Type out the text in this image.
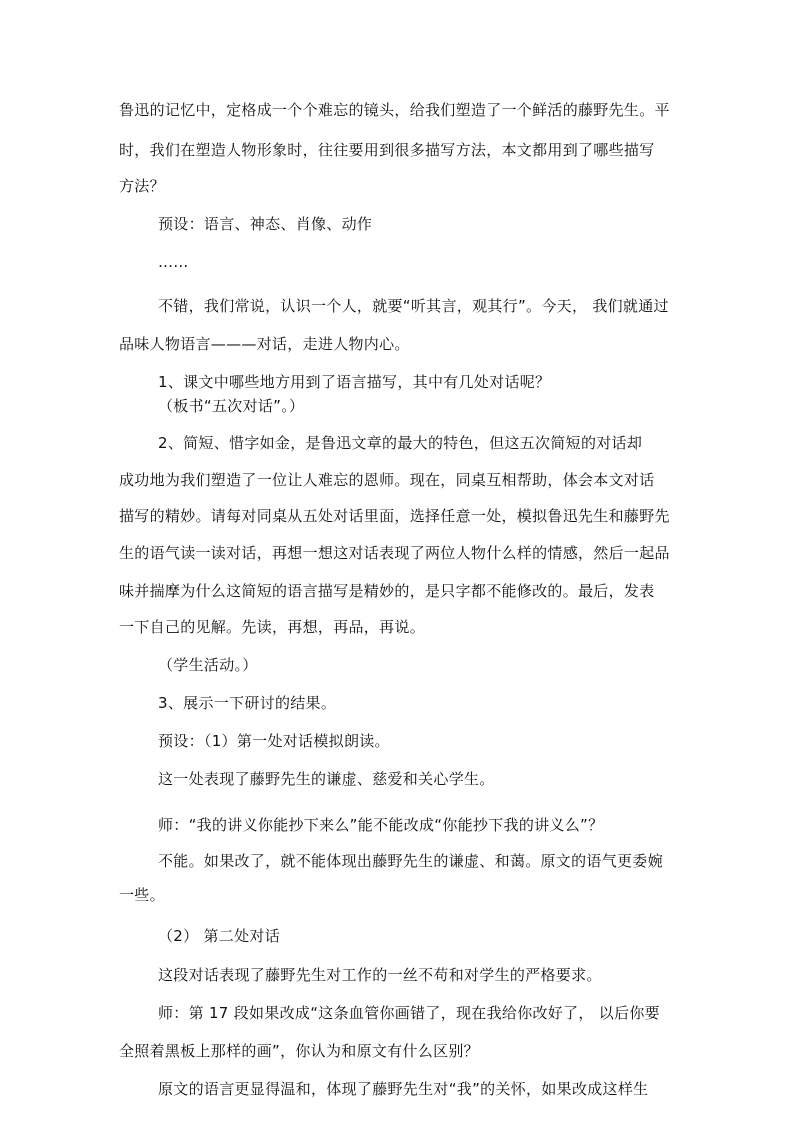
鲁迅的记忆中，定格成一个个难忘的镜头，给我们塑造了一个鲜活的藤野先生。平

时，我们在塑造人物形象时，往往要用到很多描写方法，本文都用到了哪些描写

方法？

预设：语言、神态、肖像、动作

……

不错，我们常说，认识一个人，就要“听其言，观其行”。今天， 我们就通过

品味人物语言———对话，走进人物内心。

1、课文中哪些地方用到了语言描写，其中有几处对话呢？

（板书“五次对话”。）

2、简短、惜字如金，是鲁迅文章的最大的特色，但这五次简短的对话却

成功地为我们塑造了一位让人难忘的恩师。现在，同桌互相帮助，体会本文对话

描写的精妙。请每对同桌从五处对话里面，选择任意一处，模拟鲁迅先生和藤野先

生的语气读一读对话，再想一想这对话表现了两位人物什么样的情感，然后一起品

味并揣摩为什么这简短的语言描写是精妙的，是只字都不能修改的。最后，发表

一下自己的见解。先读，再想，再品，再说。

（学生活动。）

3、展示一下研讨的结果。

预设：（1）第一处对话模拟朗读。

这一处表现了藤野先生的谦虚、慈爱和关心学生。

师：“我的讲义你能抄下来么”能不能改成“你能抄下我的讲义么”？

不能。如果改了，就不能体现出藤野先生的谦虚、和蔼。原文的语气更委婉

一些。

（2） 第二处对话

这段对话表现了藤野先生对工作的一丝不苟和对学生的严格要求。

师：第 17 段如果改成“这条血管你画错了，现在我给你改好了， 以后你要

全照着黑板上那样的画”，你认为和原文有什么区别？

原文的语言更显得温和，体现了藤野先生对“我”的关怀，如果改成这样生
